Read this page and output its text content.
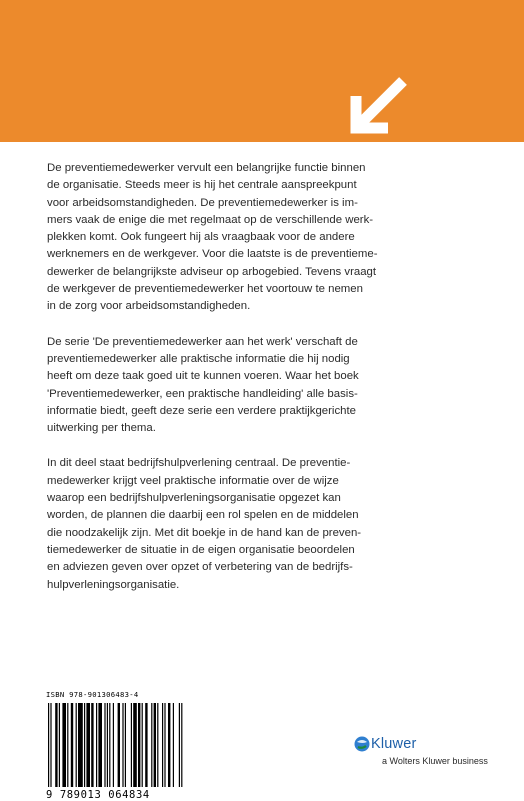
De preventiemedewerker vervult een belangrijke functie binnen
de organisatie. Steeds meer is hij het centrale aanspreekpunt
voor arbeidsomstandigheden. De preventiemedewerker is im-
mers vaak de enige die met regelmaat op de verschillende werk-
plekken komt. Ook fungeert hij als vraagbaak voor de andere
werknemers en de werkgever. Voor die laatste is de preventieme-
dewerker de belangrijkste adviseur op arbogebied. Tevens vraagt
de werkgever de preventiemedewerker het voortouw te nemen
in de zorg voor arbeidsomstandigheden.

De serie 'De preventiemedewerker aan het werk' verschaft de
preventiemedewerker alle praktische informatie die hij nodig
heeft om deze taak goed uit te kunnen voeren. Waar het boek
'Preventiemedewerker, een praktische handleiding' alle basis-
informatie biedt, geeft deze serie een verdere praktijkgerichte
uitwerking per thema.

In dit deel staat bedrijfshulpverlening centraal. De preventie-
medewerker krijgt veel praktische informatie over de wijze
waarop een bedrijfshulpverleningsorganisatie opgezet kan
worden, de plannen die daarbij een rol spelen en de middelen
die noodzakelijk zijn. Met dit boekje in de hand kan de preven-
tiemedewerker de situatie in de eigen organisatie beoordelen
en adviezen geven over opzet of verbetering van de bedrijfs-
hulpverleningsorganisatie.

ISBN 978-901306483-4
9 789013 064834
Kluwer
a Wolters Kluwer business
